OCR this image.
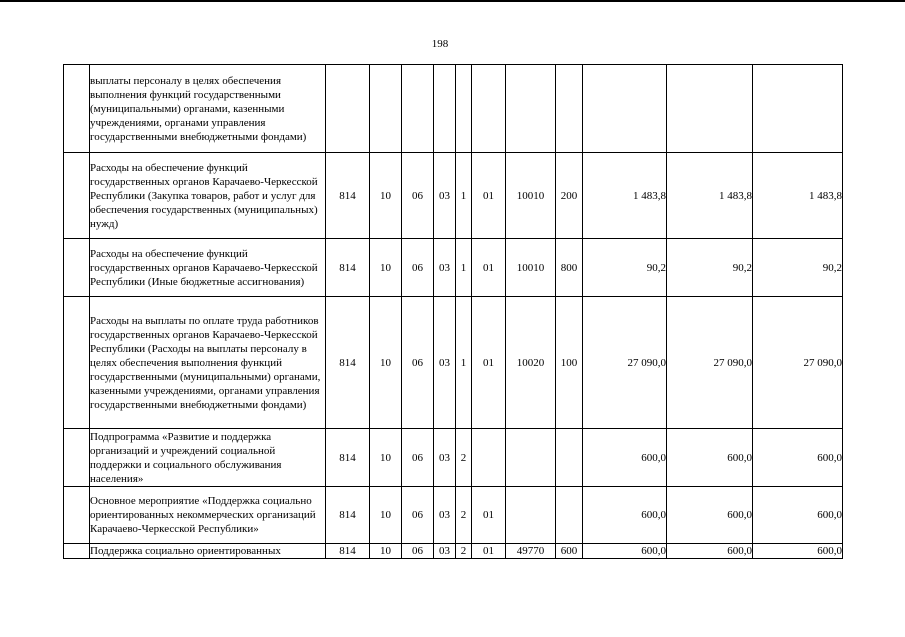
198
	выплаты персоналу в целях обеспечения выполнения функций государственными (муниципальными) органами, казенными учреждениями, органами управления государственными внебюджетными фондами)											
	Расходы на обеспечение функций государственных органов Карачаево-Черкесской Республики (Закупка товаров, работ и услуг для обеспечения государственных (муниципальных) нужд)	814	10	06	03	1	01	10010	200	1 483,8	1 483,8	1 483,8
	Расходы на обеспечение функций государственных органов Карачаево-Черкесской Республики (Иные бюджетные ассигнования)	814	10	06	03	1	01	10010	800	90,2	90,2	90,2
	Расходы на выплаты по оплате труда работников государственных органов Карачаево-Черкесской Республики (Расходы на выплаты персоналу в целях обеспечения выполнения функций государственными (муниципальными) органами, казенными учреждениями, органами управления государственными внебюджетными фондами)	814	10	06	03	1	01	10020	100	27 090,0	27 090,0	27 090,0
	Подпрограмма «Развитие и поддержка организаций и учреждений социальной поддержки и социального обслуживания населения»	814	10	06	03	2				600,0	600,0	600,0
	Основное мероприятие «Поддержка социально ориентированных некоммерческих организаций Карачаево-Черкесской Республики»	814	10	06	03	2	01			600,0	600,0	600,0
	Поддержка социально ориентированных	814	10	06	03	2	01	49770	600	600,0	600,0	600,0
